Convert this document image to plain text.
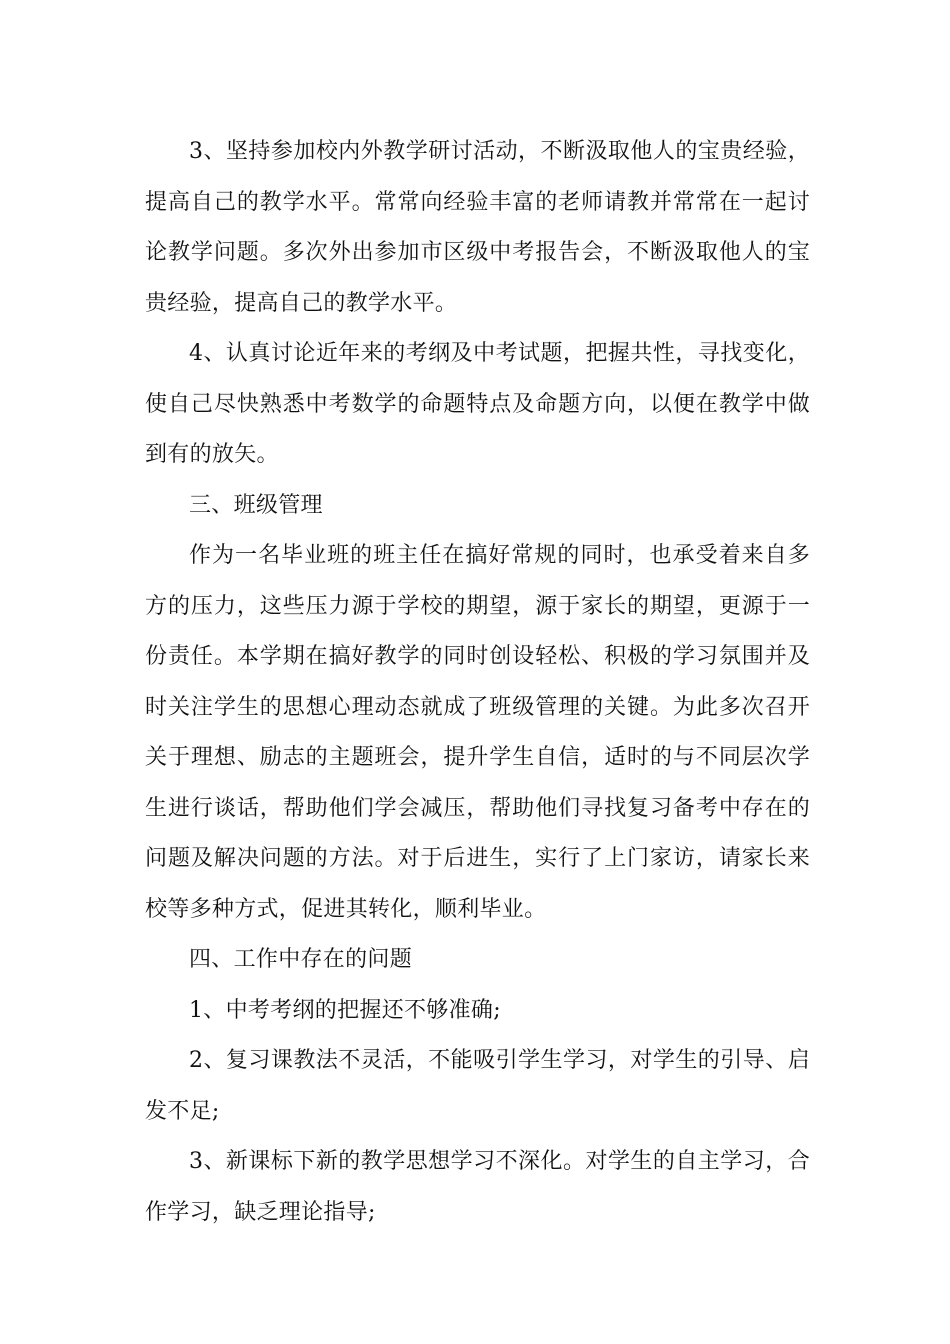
3、坚持参加校内外教学研讨活动，不断汲取他人的宝贵经验，提高自己的教学水平。常常向经验丰富的老师请教并常常在一起讨论教学问题。多次外出参加市区级中考报告会，不断汲取他人的宝贵经验，提高自己的教学水平。

4、认真讨论近年来的考纲及中考试题，把握共性，寻找变化，使自己尽快熟悉中考数学的命题特点及命题方向，以便在教学中做到有的放矢。

三、班级管理

作为一名毕业班的班主任在搞好常规的同时，也承受着来自多方的压力，这些压力源于学校的期望，源于家长的期望，更源于一份责任。本学期在搞好教学的同时创设轻松、积极的学习氛围并及时关注学生的思想心理动态就成了班级管理的关键。为此多次召开关于理想、励志的主题班会，提升学生自信，适时的与不同层次学生进行谈话，帮助他们学会减压，帮助他们寻找复习备考中存在的问题及解决问题的方法。对于后进生，实行了上门家访，请家长来校等多种方式，促进其转化，顺利毕业。

四、工作中存在的问题

1、中考考纲的把握还不够准确;

2、复习课教法不灵活，不能吸引学生学习，对学生的引导、启发不足;

3、新课标下新的教学思想学习不深化。对学生的自主学习，合作学习，缺乏理论指导;
